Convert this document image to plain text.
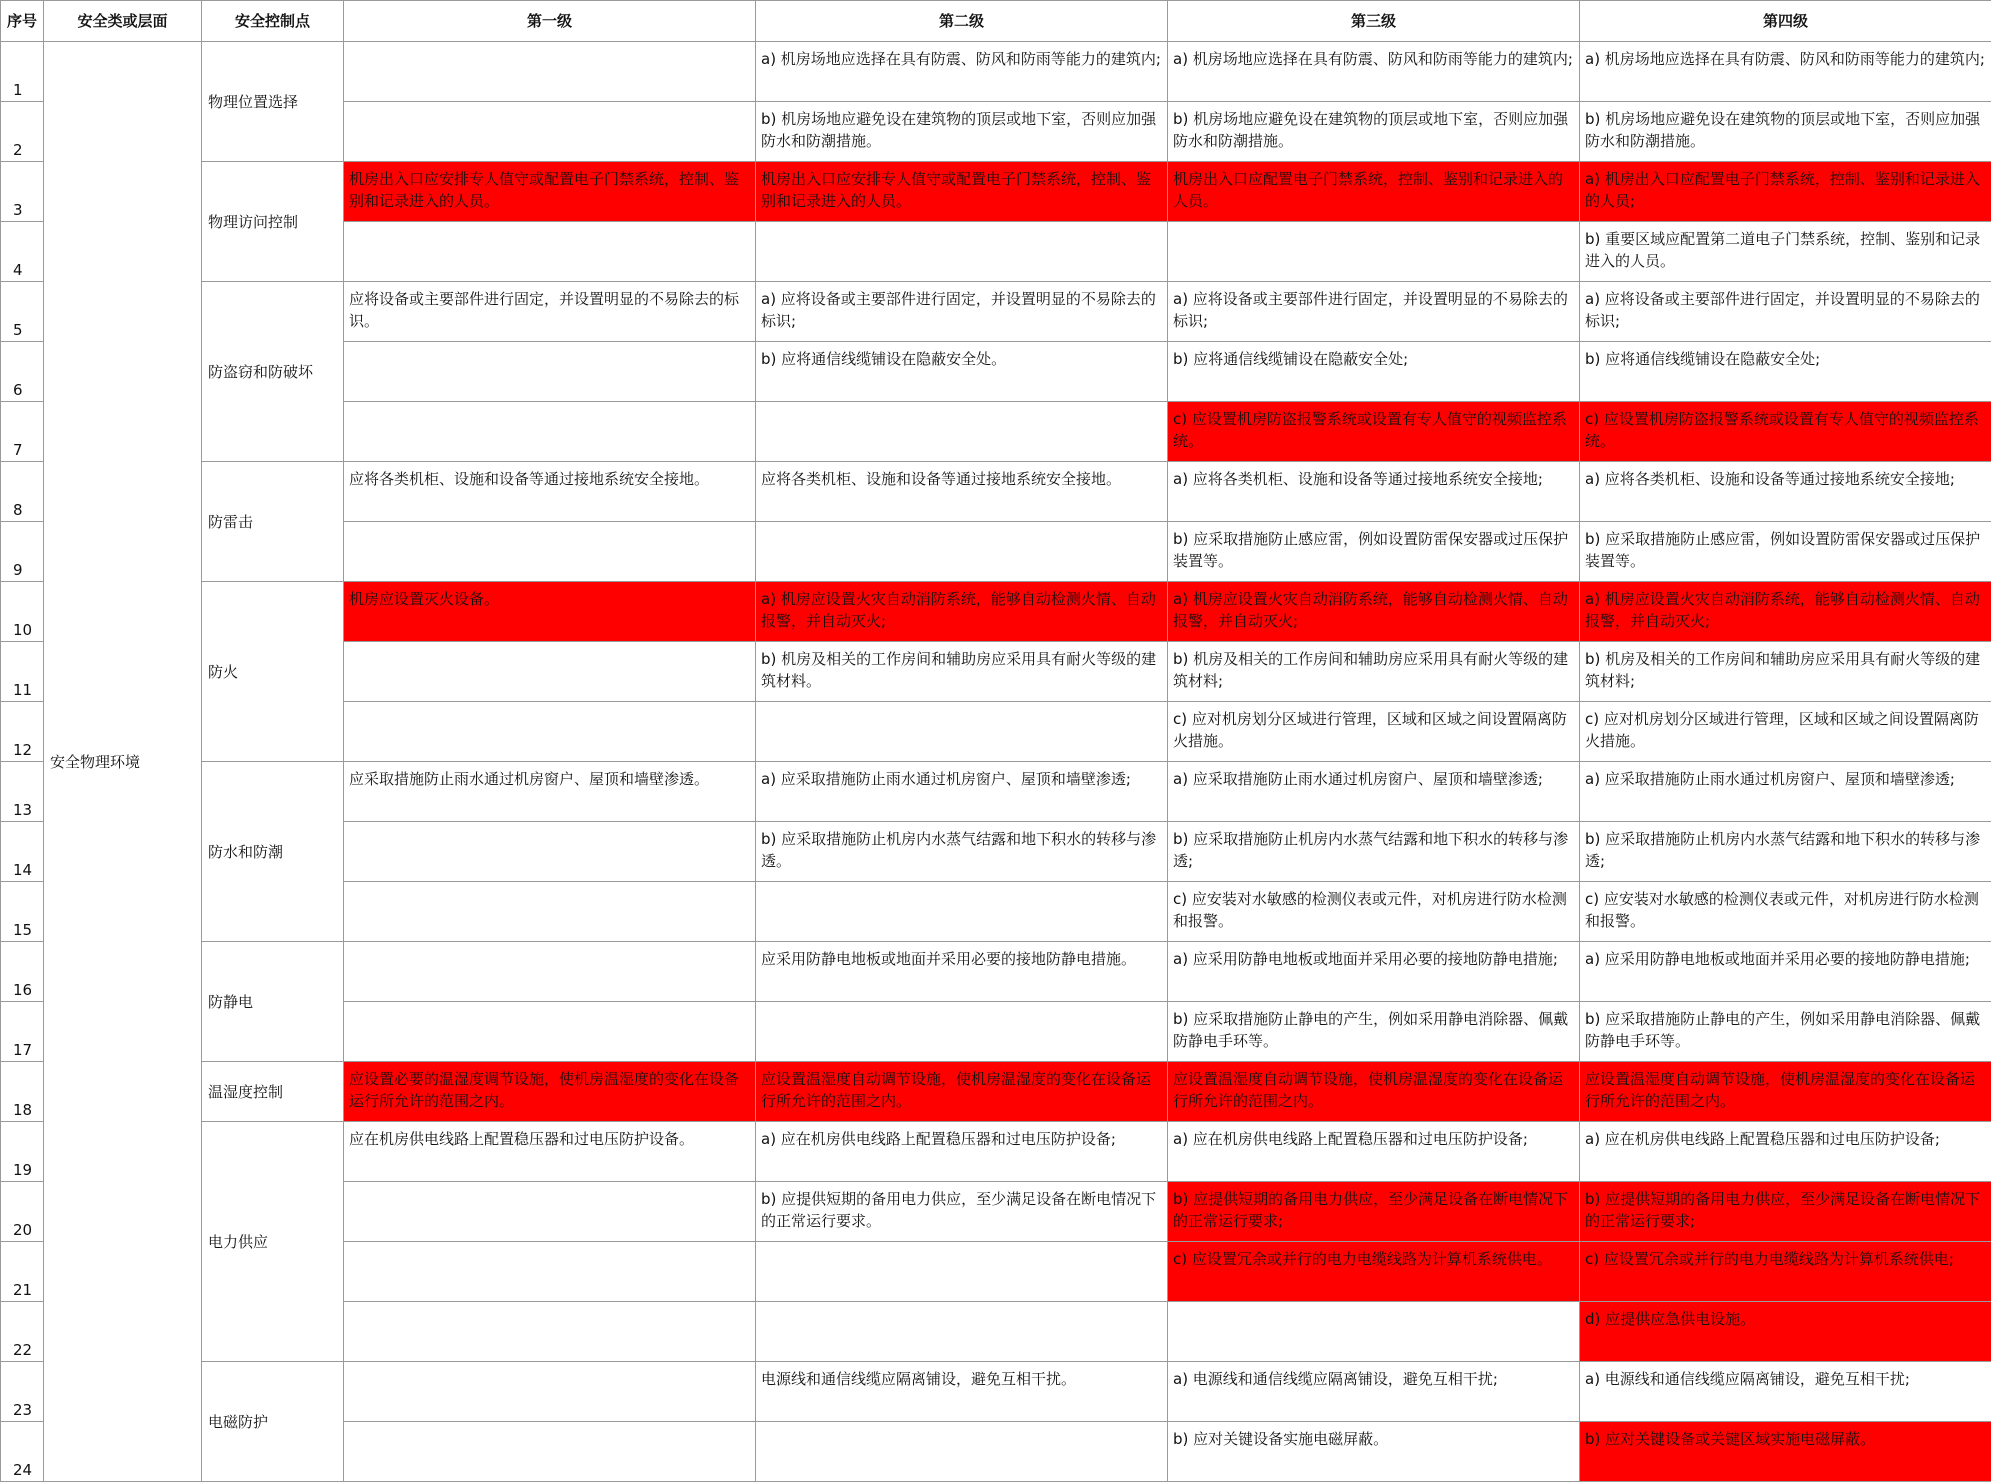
序号	安全类或层面	安全控制点	第一级	第二级	第三级	第四级
1	安全物理环境	物理位置选择		a) 机房场地应选择在具有防震、防风和防雨等能力的建筑内;	a) 机房场地应选择在具有防震、防风和防雨等能力的建筑内;	a) 机房场地应选择在具有防震、防风和防雨等能力的建筑内;
2				b) 机房场地应避免设在建筑物的顶层或地下室，否则应加强防水和防潮措施。	b) 机房场地应避免设在建筑物的顶层或地下室，否则应加强防水和防潮措施。	b) 机房场地应避免设在建筑物的顶层或地下室，否则应加强防水和防潮措施。
3		物理访问控制	机房出入口应安排专人值守或配置电子门禁系统，控制、鉴别和记录进入的人员。	机房出入口应安排专人值守或配置电子门禁系统，控制、鉴别和记录进入的人员。	机房出入口应配置电子门禁系统，控制、鉴别和记录进入的人员。	a) 机房出入口应配置电子门禁系统，控制、鉴别和记录进入的人员;
4						b) 重要区域应配置第二道电子门禁系统，控制、鉴别和记录进入的人员。
5		防盗窃和防破坏	应将设备或主要部件进行固定，并设置明显的不易除去的标识。	a) 应将设备或主要部件进行固定，并设置明显的不易除去的标识;	a) 应将设备或主要部件进行固定，并设置明显的不易除去的标识;	a) 应将设备或主要部件进行固定，并设置明显的不易除去的标识;
6				b) 应将通信线缆铺设在隐蔽安全处。	b) 应将通信线缆铺设在隐蔽安全处;	b) 应将通信线缆铺设在隐蔽安全处;
7					c) 应设置机房防盗报警系统或设置有专人值守的视频监控系统。	c) 应设置机房防盗报警系统或设置有专人值守的视频监控系统。
8		防雷击	应将各类机柜、设施和设备等通过接地系统安全接地。	应将各类机柜、设施和设备等通过接地系统安全接地。	a) 应将各类机柜、设施和设备等通过接地系统安全接地;	a) 应将各类机柜、设施和设备等通过接地系统安全接地;
9					b) 应采取措施防止感应雷，例如设置防雷保安器或过压保护装置等。	b) 应采取措施防止感应雷，例如设置防雷保安器或过压保护装置等。
10		防火	机房应设置灭火设备。	a) 机房应设置火灾自动消防系统，能够自动检测火情、自动报警，并自动灭火;	a) 机房应设置火灾自动消防系统，能够自动检测火情、自动报警，并自动灭火;	a) 机房应设置火灾自动消防系统，能够自动检测火情、自动报警，并自动灭火;
11				b) 机房及相关的工作房间和辅助房应采用具有耐火等级的建筑材料。	b) 机房及相关的工作房间和辅助房应采用具有耐火等级的建筑材料;	b) 机房及相关的工作房间和辅助房应采用具有耐火等级的建筑材料;
12					c) 应对机房划分区域进行管理，区域和区域之间设置隔离防火措施。	c) 应对机房划分区域进行管理，区域和区域之间设置隔离防火措施。
13		防水和防潮	应采取措施防止雨水通过机房窗户、屋顶和墙壁渗透。	a) 应采取措施防止雨水通过机房窗户、屋顶和墙壁渗透;	a) 应采取措施防止雨水通过机房窗户、屋顶和墙壁渗透;	a) 应采取措施防止雨水通过机房窗户、屋顶和墙壁渗透;
14				b) 应采取措施防止机房内水蒸气结露和地下积水的转移与渗透。	b) 应采取措施防止机房内水蒸气结露和地下积水的转移与渗透;	b) 应采取措施防止机房内水蒸气结露和地下积水的转移与渗透;
15					c) 应安装对水敏感的检测仪表或元件，对机房进行防水检测和报警。	c) 应安装对水敏感的检测仪表或元件，对机房进行防水检测和报警。
16		防静电		应采用防静电地板或地面并采用必要的接地防静电措施。	a) 应采用防静电地板或地面并采用必要的接地防静电措施;	a) 应采用防静电地板或地面并采用必要的接地防静电措施;
17					b) 应采取措施防止静电的产生，例如采用静电消除器、佩戴防静电手环等。	b) 应采取措施防止静电的产生，例如采用静电消除器、佩戴防静电手环等。
18		温湿度控制	应设置必要的温湿度调节设施，使机房温湿度的变化在设备运行所允许的范围之内。	应设置温湿度自动调节设施，使机房温湿度的变化在设备运行所允许的范围之内。	应设置温湿度自动调节设施，使机房温湿度的变化在设备运行所允许的范围之内。	应设置温湿度自动调节设施，使机房温湿度的变化在设备运行所允许的范围之内。
19		电力供应	应在机房供电线路上配置稳压器和过电压防护设备。	a) 应在机房供电线路上配置稳压器和过电压防护设备;	a) 应在机房供电线路上配置稳压器和过电压防护设备;	a) 应在机房供电线路上配置稳压器和过电压防护设备;
20				b) 应提供短期的备用电力供应，至少满足设备在断电情况下的正常运行要求。	b) 应提供短期的备用电力供应，至少满足设备在断电情况下的正常运行要求;	b) 应提供短期的备用电力供应，至少满足设备在断电情况下的正常运行要求;
21					c) 应设置冗余或并行的电力电缆线路为计算机系统供电。	c) 应设置冗余或并行的电力电缆线路为计算机系统供电;
22						d) 应提供应急供电设施。
23		电磁防护		电源线和通信线缆应隔离铺设，避免互相干扰。	a) 电源线和通信线缆应隔离铺设，避免互相干扰;	a) 电源线和通信线缆应隔离铺设，避免互相干扰;
24					b) 应对关键设备实施电磁屏蔽。	b) 应对关键设备或关键区域实施电磁屏蔽。
